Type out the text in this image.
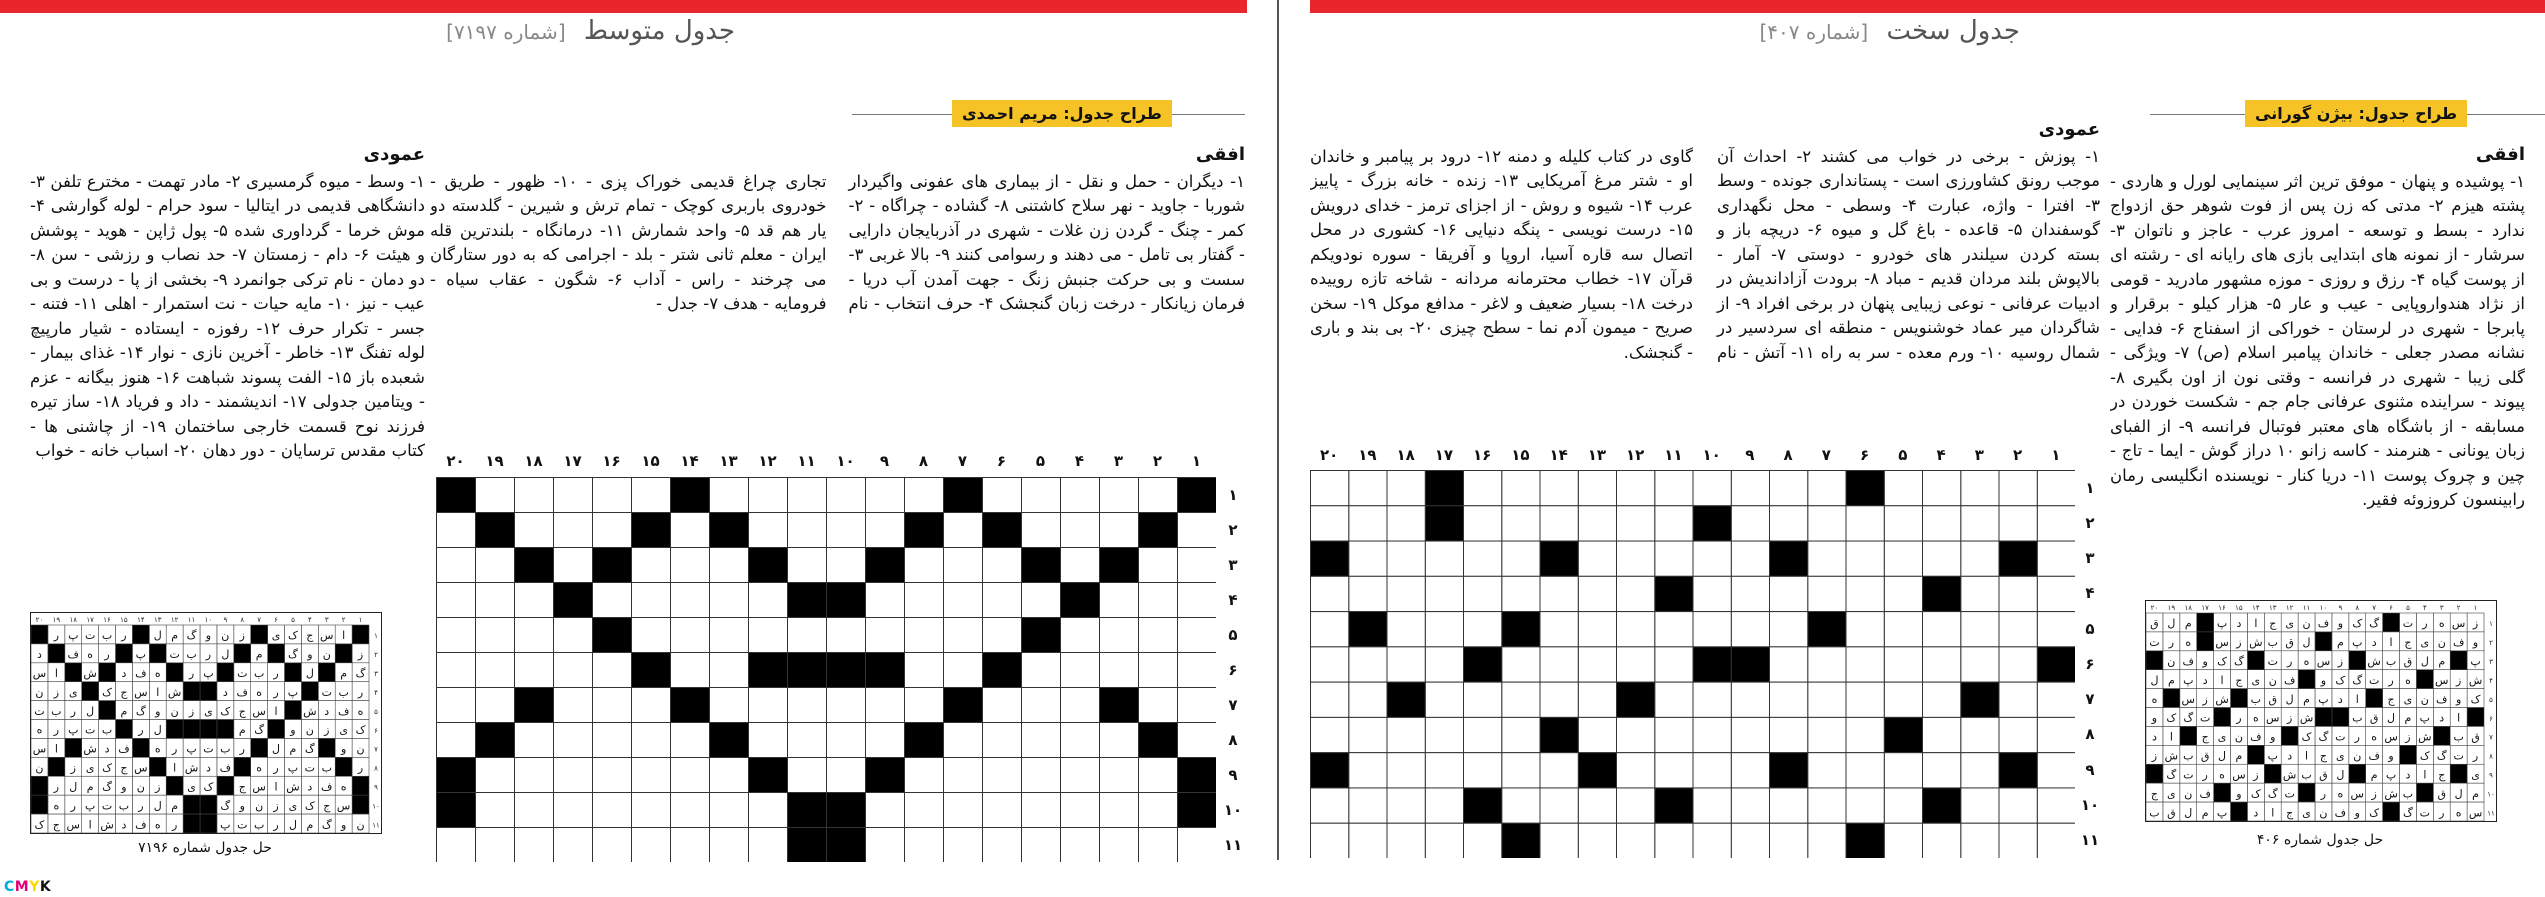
جدول متوسط [شماره ۷۱۹۷]	جدول سخت [شماره ۴۰۷]
طراح جدول: مریم احمدی
افقی
۱- دیگران - حمل و نقل - از بیماری های عفونی واگیردار شوربا - جاوید - نهر سلاح کاشتنی ۸- گشاده - چراگاه - ۲- کمر - چنگ - گردن زن غلات - شهری در آذربایجان دارایی - گفتار بی تامل - می دهند و رسوامی کنند ۹- بالا غربی ۳- سست و بی حرکت جنبش زنگ - جهت آمدن آب دریا - فرمان زیانکار - درخت زبان گنجشک ۴- حرف انتخاب - نام تجاری چراغ قدیمی خوراک پزی - ۱۰- ظهور - طریق - خودروی باربری کوچک - تمام ترش و شیرین - گلدسته دو یار هم قد ۵- واحد شمارش ۱۱- درمانگاه - بلندترین قله ایران - معلم ثانی شتر - بلد - اجرامی که به دور ستارگان می چرخند - راس - آداب ۶- شگون - عقاب سیاه - فرومایه - هدف ۷- جدل -
عمودی
۱- وسط - میوه گرمسیری ۲- مادر تهمت - مخترع تلفن ۳- دانشگاهی قدیمی در ایتالیا - سود حرام - لوله گوارشی ۴- موش خرما - گرداوری شده ۵- پول ژاپن - هوید - پوشش و هیئت ۶- دام - زمستان ۷- حد نصاب و رزشی - سن ۸- دو دمان - نام ترکی جوانمرد ۹- بخشی از پا - درست و بی عیب - نیز ۱۰- مایه حیات - نت استمرار - اهلی ۱۱- فتنه - جسر - تکرار حرف ۱۲- رفوزه - ایستاده - شیار مارپیچ لوله تفنگ ۱۳- خاطر - آخرین نازی - نوار ۱۴- غذای بیمار - شعبده باز ۱۵- الفت پسوند شباهت ۱۶- هنوز بیگانه - عزم - ویتامین جدولی ۱۷- اندیشمند - داد و فریاد ۱۸- ساز تیره فرزند نوح قسمت خارجی ساختمان ۱۹- از چاشنی ها - کتاب مقدس ترسایان - دور دهان ۲۰- اسباب خانه - خواب
۱
۲
۳
۴
۵
۶
۷
۸
۹
۱۰
۱۱
۱۲
۱۳
۱۴
۱۵
۱۶
۱۷
۱۸
۱۹
۲۰
۱
۲
۳
۴
۵
۶
۷
۸
۹
۱۰
۱۱
۱
۲
۳
۴
۵
۶
۷
۸
۹
۱۰
۱۱
۱۲
۱۳
۱۴
۱۵
۱۶
۱۷
۱۸
۱۹
۲۰
۱
۲
۳
۴
۵
۶
۷
۸
۹
۱۰
۱۱
ا
س
ج
ک
ی
ز
ن
و
گ
م
ل
ر
ب
ت
پ
ر
ز
ن
و
گ
م
ل
ر
ب
ت
پ
ر
ه
ف
د
گ
م
ل
ر
ب
ت
پ
ر
ه
ف
د
ش
ا
س
ر
ب
ت
پ
ر
ه
ف
د
ش
ا
س
ج
ک
ی
ز
ن
ه
ف
د
ش
ا
س
ج
ک
ی
ز
ن
و
گ
م
ل
ر
ب
ت
ک
ی
ز
ن
و
گ
م
ل
ر
ب
ت
پ
ر
ه
ن
و
گ
م
ل
ر
ب
ت
پ
ر
ه
ف
د
ش
ا
س
ر
ب
ت
پ
ر
ه
ف
د
ش
ا
س
ج
ک
ی
ز
ن
ه
ف
د
ش
ا
س
ج
ک
ی
ز
ن
و
گ
م
ل
ر
س
ج
ک
ی
ز
ن
و
گ
م
ل
ر
ب
ت
پ
ر
ه
ن
و
گ
م
ل
ر
ب
ت
پ
ر
ه
ف
د
ش
ا
س
ج
ک
حل جدول شماره ۷۱۹۶
طراح جدول: بیژن گورانی
افقی
۱- پوشیده و پنهان - موفق ترین اثر سینمایی لورل و هاردی - پشته هیزم ۲- مدتی که زن پس از فوت شوهر حق ازدواج ندارد - بسط و توسعه - امروز عرب - عاجز و ناتوان ۳- سرشار - از نمونه های ابتدایی بازی های رایانه ای - رشته ای از پوست گیاه ۴- رزق و روزی - موزه مشهور مادرید - قومی از نژاد هندواروپایی - عیب و عار ۵- هزار کیلو - برقرار و پابرجا - شهری در لرستان - خوراکی از اسفناج ۶- فدایی - نشانه مصدر جعلی - خاندان پیامبر اسلام (ص) ۷- ویژگی - گلی زیبا - شهری در فرانسه - وقتی نون از اون بگیری ۸- پیوند - سراینده مثنوی عرفانی جام جم - شکست خوردن در مسابقه - از باشگاه های معتبر فوتبال فرانسه ۹- از الفبای زبان یونانی - هنرمند - کاسه زانو ۱۰ دراز گوش - ایما - تاج - چین و چروک پوست ۱۱- دریا کنار - نویسنده انگلیسی رمان رابینسون کروزوئه فقیر.
عمودی
۱- پوزش - برخی در خواب می کشند ۲- احداث آن موجب رونق کشاورزی است - پستانداری جونده - وسط ۳- افترا - واژه، عبارت ۴- وسطی - محل نگهداری گوسفندان ۵- قاعده - باغ گل و میوه ۶- دریچه باز و بسته کردن سیلندر های خودرو - دوستی ۷- آمار - بالاپوش بلند مردان قدیم - مباد ۸- برودت آزاداندیش در ادبیات عرفانی - نوعی زیبایی پنهان در برخی افراد ۹- از شاگردان میر عماد خوشنویس - منطقه ای سردسیر در شمال روسیه ۱۰- ورم معده - سر به راه ۱۱- آتش - نام گاوی در کتاب کلیله و دمنه ۱۲- درود بر پیامبر و خاندان او - شتر مرغ آمریکایی ۱۳- زنده - خانه بزرگ - پاییز عرب ۱۴- شیوه و روش - از اجزای ترمز - خدای درویش ۱۵- درست نویسی - پنگه دنیایی ۱۶- کشوری در محل اتصال سه قاره آسیا، اروپا و آفریقا - سوره نودویکم قرآن ۱۷- خطاب محترمانه مردانه - شاخه تازه روییده درخت ۱۸- بسیار ضعیف و لاغر - مدافع موکل ۱۹- سخن صریح - میمون آدم نما - سطح چیزی ۲۰- بی بند و باری - گنجشک.
۱
۲
۳
۴
۵
۶
۷
۸
۹
۱۰
۱۱
۱۲
۱۳
۱۴
۱۵
۱۶
۱۷
۱۸
۱۹
۲۰
۱
۲
۳
۴
۵
۶
۷
۸
۹
۱۰
۱۱
۱
۲
۳
۴
۵
۶
۷
۸
۹
۱۰
۱۱
۱۲
۱۳
۱۴
۱۵
۱۶
۱۷
۱۸
۱۹
۲۰
۱
۲
۳
۴
۵
۶
۷
۸
۹
۱۰
۱۱
ز
س
ه
ر
ت
گ
ک
و
ف
ن
ی
ج
ا
د
پ
م
ل
ق
و
ف
ن
ی
ج
ا
د
پ
م
ل
ق
ب
ش
ز
س
ه
ر
ت
پ
م
ل
ق
ب
ش
ز
س
ه
ر
ت
گ
ک
و
ف
ن
ش
ز
س
ه
ر
ت
گ
ک
و
ف
ن
ی
ج
ا
د
پ
م
ل
ک
و
ف
ن
ی
ج
ا
د
پ
م
ل
ق
ب
ش
ز
س
ه
ا
د
پ
م
ل
ق
ب
ش
ز
س
ه
ر
ت
گ
ک
و
ق
ب
ش
ز
س
ه
ر
ت
گ
ک
و
ف
ن
ی
ج
ا
د
ر
ت
گ
ک
و
ف
ن
ی
ج
ا
د
پ
م
ل
ق
ب
ش
ز
ی
ج
ا
د
پ
م
ل
ق
ب
ش
ز
س
ه
ر
ت
گ
م
ل
ق
ب
ش
ز
س
ه
ر
ت
گ
ک
و
ف
ن
ی
ج
س
ه
ر
ت
گ
ک
و
ف
ن
ی
ج
ا
د
پ
م
ل
ق
ب
حل جدول شماره ۴۰۶
CMYK
